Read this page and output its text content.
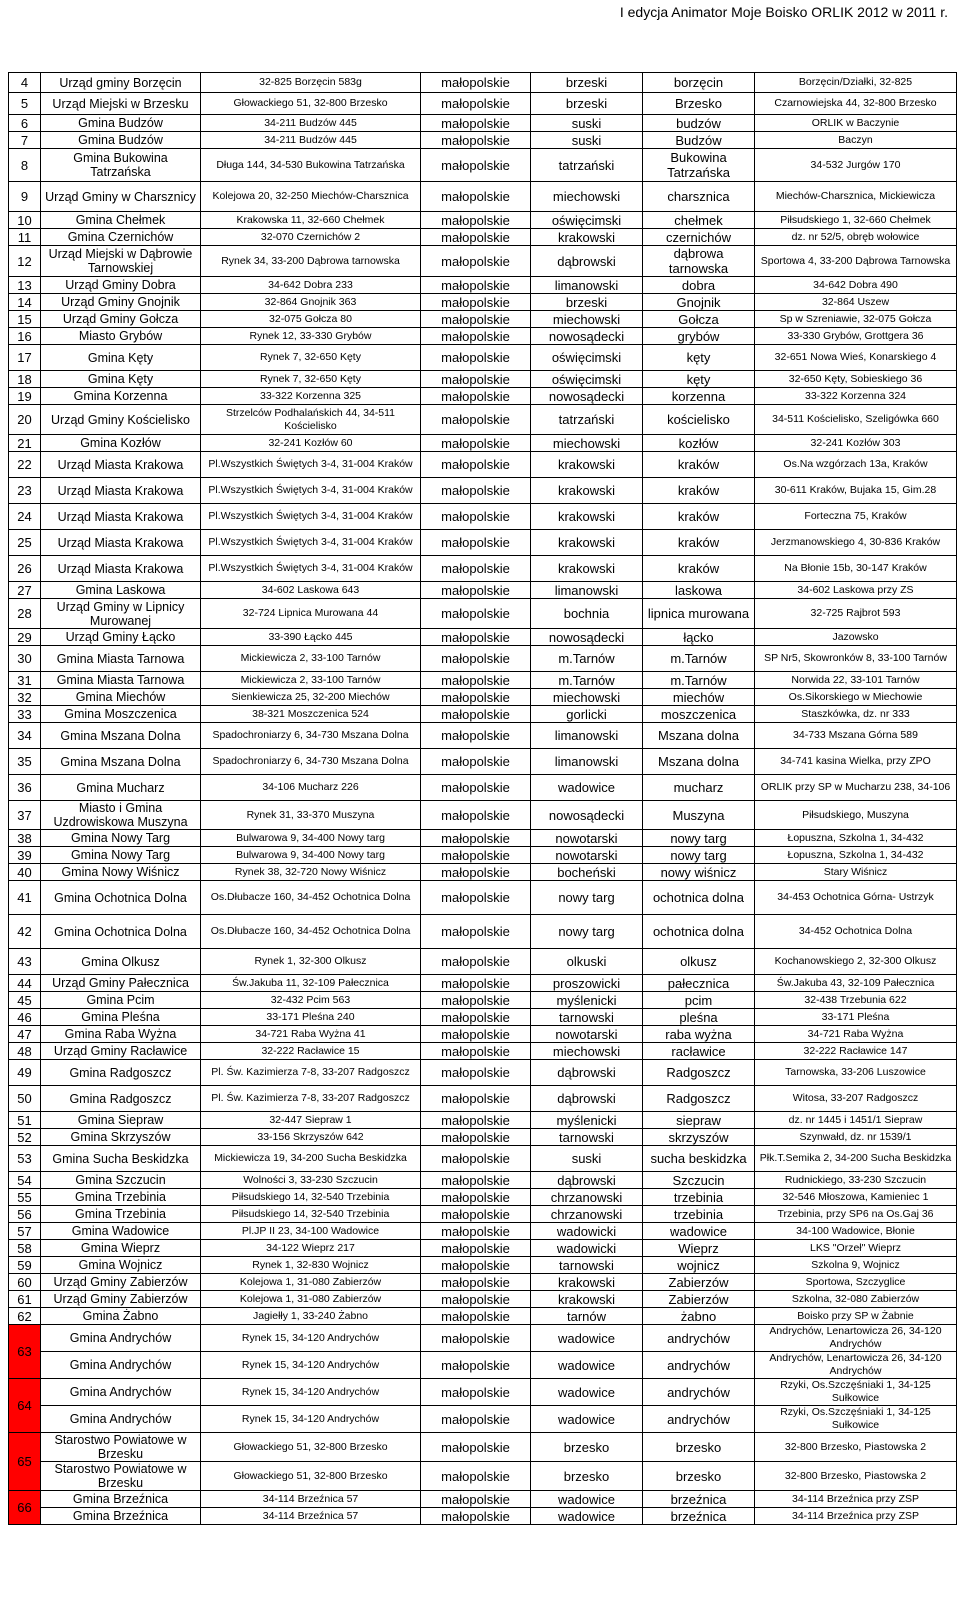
I edycja Animator Moje Boisko ORLIK 2012 w 2011 r.
4	Urząd gminy Borzęcin	32-825 Borzęcin 583g	małopolskie	brzeski	borzęcin	Borzęcin/Działki, 32-825
5	Urząd Miejski w Brzesku	Głowackiego 51, 32-800 Brzesko	małopolskie	brzeski	Brzesko	Czarnowiejska 44, 32-800 Brzesko
6	Gmina Budzów	34-211 Budzów 445	małopolskie	suski	budzów	ORLIK w Baczynie
7	Gmina Budzów	34-211 Budzów 445	małopolskie	suski	Budzów	Baczyn
8	Gmina Bukowina Tatrzańska	Długa 144, 34-530 Bukowina Tatrzańska	małopolskie	tatrzański	Bukowina Tatrzańska	34-532 Jurgów 170
9	Urząd Gminy w Charsznicy	Kolejowa 20, 32-250 Miechów-Charsznica	małopolskie	miechowski	charsznica	Miechów-Charsznica, Mickiewicza
10	Gmina Chełmek	Krakowska 11, 32-660 Chełmek	małopolskie	oświęcimski	chełmek	Piłsudskiego 1, 32-660 Chełmek
11	Gmina Czernichów	32-070 Czernichów 2	małopolskie	krakowski	czernichów	dz. nr 52/5, obręb wołowice
12	Urząd Miejski w Dąbrowie Tarnowskiej	Rynek 34, 33-200 Dąbrowa tarnowska	małopolskie	dąbrowski	dąbrowa tarnowska	Sportowa 4, 33-200 Dąbrowa Tarnowska
13	Urząd Gminy Dobra	34-642 Dobra 233	małopolskie	limanowski	dobra	34-642 Dobra 490
14	Urząd Gminy Gnojnik	32-864 Gnojnik 363	małopolskie	brzeski	Gnojnik	32-864 Uszew
15	Urząd Gminy Gołcza	32-075 Gołcza 80	małopolskie	miechowski	Gołcza	Sp w Szreniawie, 32-075 Gołcza
16	Miasto Grybów	Rynek 12, 33-330 Grybów	małopolskie	nowosądecki	grybów	33-330 Grybów, Grottgera 36
17	Gmina Kęty	Rynek 7, 32-650 Kęty	małopolskie	oświęcimski	kęty	32-651 Nowa Wieś, Konarskiego 4
18	Gmina Kęty	Rynek 7, 32-650 Kęty	małopolskie	oświęcimski	kęty	32-650 Kęty, Sobieskiego 36
19	Gmina Korzenna	33-322 Korzenna 325	małopolskie	nowosądecki	korzenna	33-322 Korzenna 324
20	Urząd Gminy Kościelisko	Strzelców Podhalańskich 44, 34-511 Kościelisko	małopolskie	tatrzański	kościelisko	34-511 Kościelisko, Szeligówka 660
21	Gmina Kozłów	32-241 Kozłów 60	małopolskie	miechowski	kozłów	32-241 Kozłów 303
22	Urząd Miasta Krakowa	Pl.Wszystkich Świętych 3-4, 31-004 Kraków	małopolskie	krakowski	kraków	Os.Na wzgórzach 13a, Kraków
23	Urząd Miasta Krakowa	Pl.Wszystkich Świętych 3-4, 31-004 Kraków	małopolskie	krakowski	kraków	30-611 Kraków, Bujaka 15, Gim.28
24	Urząd Miasta Krakowa	Pl.Wszystkich Świętych 3-4, 31-004 Kraków	małopolskie	krakowski	kraków	Forteczna 75, Kraków
25	Urząd Miasta Krakowa	Pl.Wszystkich Świętych 3-4, 31-004 Kraków	małopolskie	krakowski	kraków	Jerzmanowskiego 4, 30-836 Kraków
26	Urząd Miasta Krakowa	Pl.Wszystkich Świętych 3-4, 31-004 Kraków	małopolskie	krakowski	kraków	Na Błonie 15b, 30-147 Kraków
27	Gmina Laskowa	34-602 Laskowa 643	małopolskie	limanowski	laskowa	34-602 Laskowa przy ZS
28	Urząd Gminy w Lipnicy Murowanej	32-724 Lipnica Murowana 44	małopolskie	bochnia	lipnica murowana	32-725 Rajbrot 593
29	Urząd Gminy Łącko	33-390 Łącko 445	małopolskie	nowosądecki	łącko	Jazowsko
30	Gmina Miasta Tarnowa	Mickiewicza 2, 33-100 Tarnów	małopolskie	m.Tarnów	m.Tarnów	SP Nr5, Skowronków 8, 33-100 Tarnów
31	Gmina Miasta Tarnowa	Mickiewicza 2, 33-100 Tarnów	małopolskie	m.Tarnów	m.Tarnów	Norwida 22, 33-101 Tarnów
32	Gmina Miechów	Sienkiewicza 25, 32-200 Miechów	małopolskie	miechowski	miechów	Os.Sikorskiego w Miechowie
33	Gmina Moszczenica	38-321 Moszczenica 524	małopolskie	gorlicki	moszczenica	Staszkówka, dz. nr 333
34	Gmina Mszana Dolna	Spadochroniarzy 6, 34-730 Mszana Dolna	małopolskie	limanowski	Mszana dolna	34-733 Mszana Górna 589
35	Gmina Mszana Dolna	Spadochroniarzy 6, 34-730 Mszana Dolna	małopolskie	limanowski	Mszana dolna	34-741 kasina Wielka, przy ZPO
36	Gmina Mucharz	34-106 Mucharz 226	małopolskie	wadowice	mucharz	ORLIK przy SP w Mucharzu 238, 34-106
37	Miasto i Gmina Uzdrowiskowa Muszyna	Rynek 31, 33-370 Muszyna	małopolskie	nowosądecki	Muszyna	Piłsudskiego, Muszyna
38	Gmina Nowy Targ	Bulwarowa 9, 34-400 Nowy targ	małopolskie	nowotarski	nowy targ	Łopuszna, Szkolna 1, 34-432
39	Gmina Nowy Targ	Bulwarowa 9, 34-400 Nowy targ	małopolskie	nowotarski	nowy targ	Łopuszna, Szkolna 1, 34-432
40	Gmina Nowy Wiśnicz	Rynek 38, 32-720 Nowy Wiśnicz	małopolskie	bocheński	nowy wiśnicz	Stary Wiśnicz
41	Gmina Ochotnica Dolna	Os.Dłubacze 160, 34-452 Ochotnica Dolna	małopolskie	nowy targ	ochotnica dolna	34-453 Ochotnica Górna- Ustrzyk
42	Gmina Ochotnica Dolna	Os.Dłubacze 160, 34-452 Ochotnica Dolna	małopolskie	nowy targ	ochotnica dolna	34-452 Ochotnica Dolna
43	Gmina Olkusz	Rynek 1, 32-300 Olkusz	małopolskie	olkuski	olkusz	Kochanowskiego 2, 32-300 Olkusz
44	Urząd Gminy Pałecznica	Św.Jakuba 11, 32-109 Pałecznica	małopolskie	proszowicki	pałecznica	Św.Jakuba 43, 32-109 Pałecznica
45	Gmina Pcim	32-432 Pcim 563	małopolskie	myślenicki	pcim	32-438 Trzebunia 622
46	Gmina Pleśna	33-171 Pleśna 240	małopolskie	tarnowski	pleśna	33-171 Pleśna
47	Gmina Raba Wyżna	34-721 Raba Wyżna 41	małopolskie	nowotarski	raba wyżna	34-721 Raba Wyżna
48	Urząd Gminy Racławice	32-222 Racławice 15	małopolskie	miechowski	racławice	32-222 Racławice 147
49	Gmina Radgoszcz	Pl. Św. Kazimierza 7-8, 33-207 Radgoszcz	małopolskie	dąbrowski	Radgoszcz	Tarnowska, 33-206 Luszowice
50	Gmina Radgoszcz	Pl. Św. Kazimierza 7-8, 33-207 Radgoszcz	małopolskie	dąbrowski	Radgoszcz	Witosa, 33-207 Radgoszcz
51	Gmina Siepraw	32-447 Siepraw 1	małopolskie	myślenicki	siepraw	dz. nr 1445 i 1451/1 Siepraw
52	Gmina Skrzyszów	33-156 Skrzyszów 642	małopolskie	tarnowski	skrzyszów	Szynwałd, dz. nr 1539/1
53	Gmina Sucha Beskidzka	Mickiewicza 19, 34-200 Sucha Beskidzka	małopolskie	suski	sucha beskidzka	Płk.T.Semika 2, 34-200 Sucha Beskidzka
54	Gmina Szczucin	Wolności 3, 33-230 Szczucin	małopolskie	dąbrowski	Szczucin	Rudnickiego, 33-230 Szczucin
55	Gmina Trzebinia	Piłsudskiego 14, 32-540 Trzebinia	małopolskie	chrzanowski	trzebinia	32-546 Młoszowa, Kamieniec 1
56	Gmina Trzebinia	Piłsudskiego 14, 32-540 Trzebinia	małopolskie	chrzanowski	trzebinia	Trzebinia, przy SP6 na Os.Gaj 36
57	Gmina Wadowice	Pl.JP II 23, 34-100 Wadowice	małopolskie	wadowicki	wadowice	34-100 Wadowice, Błonie
58	Gmina Wieprz	34-122 Wieprz 217	małopolskie	wadowicki	Wieprz	LKS "Orzeł" Wieprz
59	Gmina Wojnicz	Rynek 1, 32-830 Wojnicz	małopolskie	tarnowski	wojnicz	Szkolna 9, Wojnicz
60	Urząd Gminy Zabierzów	Kolejowa 1, 31-080 Zabierzów	małopolskie	krakowski	Zabierzów	Sportowa, Szczyglice
61	Urząd Gminy Zabierzów	Kolejowa 1, 31-080 Zabierzów	małopolskie	krakowski	Zabierzów	Szkolna, 32-080 Zabierzów
62	Gmina Żabno	Jagiełły 1, 33-240 Żabno	małopolskie	tarnów	żabno	Boisko przy SP w Żabnie
63	Gmina Andrychów	Rynek 15, 34-120 Andrychów	małopolskie	wadowice	andrychów	Andrychów, Lenartowicza 26, 34-120 Andrychów
	Gmina Andrychów	Rynek 15, 34-120 Andrychów	małopolskie	wadowice	andrychów	Andrychów, Lenartowicza 26, 34-120 Andrychów
64	Gmina Andrychów	Rynek 15, 34-120 Andrychów	małopolskie	wadowice	andrychów	Rzyki, Os.Szczęśniaki 1, 34-125 Sułkowice
	Gmina Andrychów	Rynek 15, 34-120 Andrychów	małopolskie	wadowice	andrychów	Rzyki, Os.Szczęśniaki 1, 34-125 Sułkowice
65	Starostwo Powiatowe w Brzesku	Głowackiego 51, 32-800 Brzesko	małopolskie	brzesko	brzesko	32-800 Brzesko, Piastowska 2
	Starostwo Powiatowe w Brzesku	Głowackiego 51, 32-800 Brzesko	małopolskie	brzesko	brzesko	32-800 Brzesko, Piastowska 2
66	Gmina Brzeźnica	34-114 Brzeźnica 57	małopolskie	wadowice	brzeźnica	34-114 Brzeźnica przy ZSP
	Gmina Brzeźnica	34-114 Brzeźnica 57	małopolskie	wadowice	brzeźnica	34-114 Brzeźnica przy ZSP
